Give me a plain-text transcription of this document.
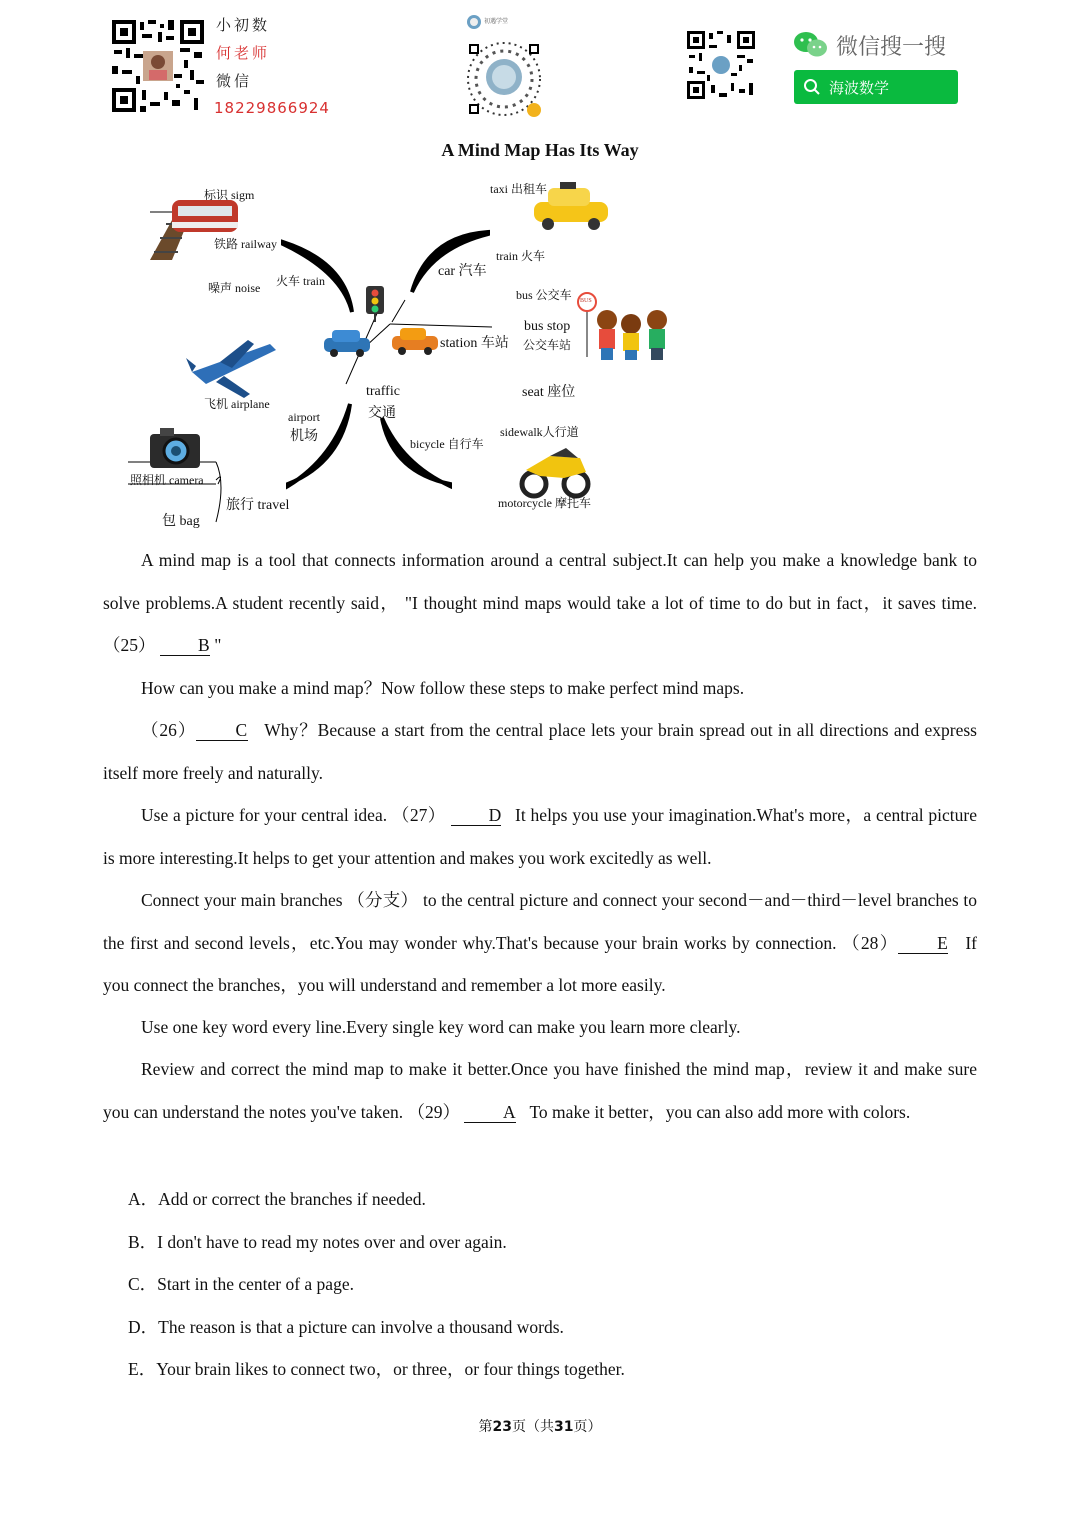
小初数
何老师
微信
18229866924
初遇学堂
微信搜一搜
海波数学
A Mind Map Has Its Way
标识 sigm
铁路 railway
噪声 noise 火车 train
飞机 airplane
airport
机场
照相机 camera
旅行 travel
包 bag
traffic
交通
taxi 出租车
train 火车
car 汽车
bus 公交车
bus stop
公交车站
station 车站
seat 座位
sidewalk人行道
bicycle 自行车
motorcycle 摩托车
BUS
A mind map is a tool that connects information around a central subject.It can help you make a knowledge bank to solve problems.A student recently said， "I thought mind maps would take a lot of time to do but in fact，it saves time. （25） B "
How can you make a mind map？Now follow these steps to make perfect mind maps.
（26） C Why？Because a start from the central place lets your brain spread out in all directions and express itself more freely and naturally.
Use a picture for your central idea. （27） D It helps you use your imagination.What's more，a central picture is more interesting.It helps to get your attention and makes you work excitedly as well.
Connect your main branches （分支） to the central picture and connect your second－and－third－level branches to the first and second levels，etc.You may wonder why.That's because your brain works by connection. （28） E If you connect the branches，you will understand and remember a lot more easily.
Use one key word every line.Every single key word can make you learn more clearly.
Review and correct the mind map to make it better.Once you have finished the mind map，review it and make sure you can understand the notes you've taken. （29） A To make it better，you can also add more with colors.
A．Add or correct the branches if needed.
B．I don't have to read my notes over and over again.
C．Start in the center of a page.
D．The reason is that a picture can involve a thousand words.
E．Your brain likes to connect two，or three，or four things together.
第23页（共31页）
